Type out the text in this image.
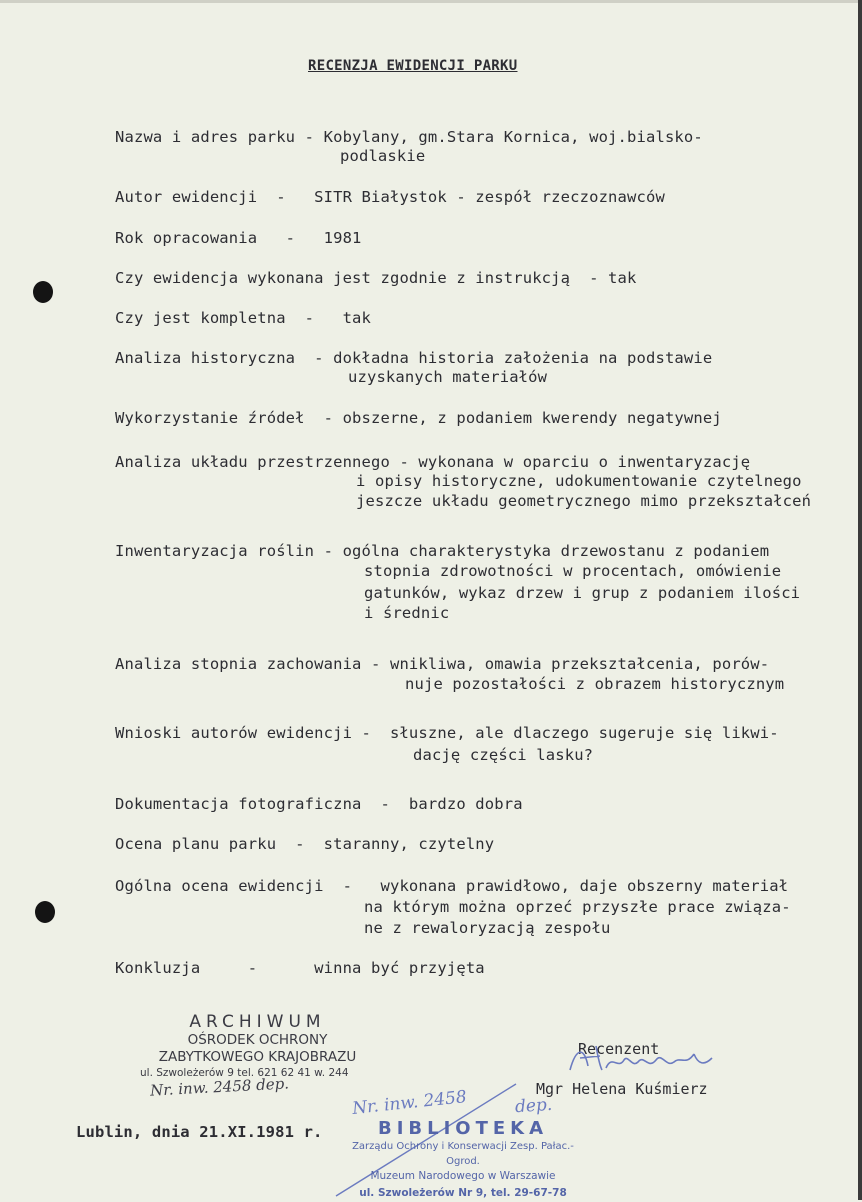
RECENZJA EWIDENCJI PARKU
Nazwa i adres parku - Kobylany, gm.Stara Kornica, woj.bialsko-
podlaskie
Autor ewidencji  -   SITR Białystok - zespół rzeczoznawców
Rok opracowania   -   1981
Czy ewidencja wykonana jest zgodnie z instrukcją  - tak
Czy jest kompletna  -   tak
Analiza historyczna  - dokładna historia założenia na podstawie
uzyskanych materiałów
Wykorzystanie źródeł  - obszerne, z podaniem kwerendy negatywnej
Analiza układu przestrzennego - wykonana w oparciu o inwentaryzację
i opisy historyczne, udokumentowanie czytelnego
jeszcze układu geometrycznego mimo przekształceń
Inwentaryzacja roślin - ogólna charakterystyka drzewostanu z podaniem
stopnia zdrowotności w procentach, omówienie
gatunków, wykaz drzew i grup z podaniem ilości
i średnic
Analiza stopnia zachowania - wnikliwa, omawia przekształcenia, porów-
nuje pozostałości z obrazem historycznym
Wnioski autorów ewidencji -  słuszne, ale dlaczego sugeruje się likwi-
dację części lasku?
Dokumentacja fotograficzna  -  bardzo dobra
Ocena planu parku  -  staranny, czytelny
Ogólna ocena ewidencji  -   wykonana prawidłowo, daje obszerny materiał
na którym można oprzeć przyszłe prace związa-
ne z rewaloryzacją zespołu
Konkluzja     -      winna być przyjęta
ARCHIWUM
OŚRODEK OCHRONY
ZABYTKOWEGO KRAJOBRAZU
ul. Szwoleżerów 9 tel. 621 62 41 w. 244
Nr. inw. 2458 dep.
Recenzent
Mgr Helena Kuśmierz
Nr. inw. 2458	dep.
Lublin, dnia 21.XI.1981 r.	BIBLIOTEKA
Zarządu Ochrony i Konserwacji Zesp. Pałac.-Ogrod.
Muzeum Narodowego w Warszawie
ul. Szwoleżerów Nr 9, tel. 29-67-78
